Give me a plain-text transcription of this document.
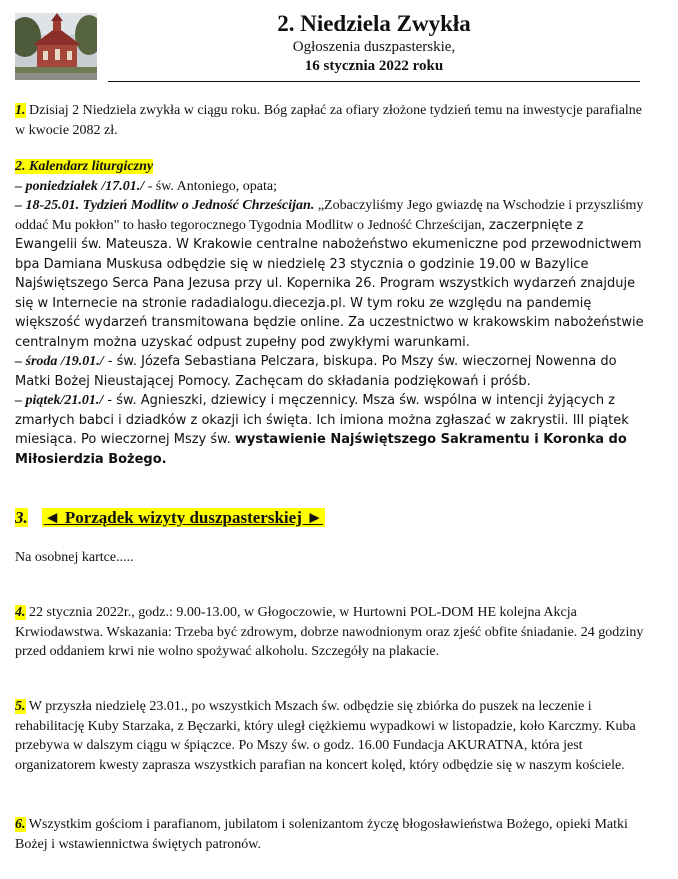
2. Niedziela Zwykła
Ogłoszenia duszpasterskie,
16 stycznia 2022 roku
1. Dzisiaj 2 Niedziela zwykła w ciągu roku. Bóg zapłać za ofiary złożone tydzień temu na inwestycje parafialne w kwocie 2082 zł.
2. Kalendarz liturgiczny
– poniedziałek /17.01./ - św. Antoniego, opata;
– 18-25.01. Tydzień Modlitw o Jedność Chrześcijan. „Zobaczyliśmy Jego gwiazdę na Wschodzie i przyszliśmy oddać Mu pokłon" to hasło tegorocznego Tygodnia Modlitw o Jedność Chrześcijan, zaczerpnięte z Ewangelii św. Mateusza. W Krakowie centralne nabożeństwo ekumeniczne pod przewodnictwem bpa Damiana Muskusa odbędzie się w niedzielę 23 stycznia o godzinie 19.00 w Bazylice Najświętszego Serca Pana Jezusa przy ul. Kopernika 26. Program wszystkich wydarzeń znajduje się w Internecie na stronie radadialogu.diecezja.pl. W tym roku ze względu na pandemię większość wydarzeń transmitowana będzie online. Za uczestnictwo w krakowskim nabożeństwie centralnym można uzyskać odpust zupełny pod zwykłymi warunkami.
– środa /19.01./ - św. Józefa Sebastiana Pelczara, biskupa. Po Mszy św. wieczornej Nowenna do Matki Bożej Nieustającej Pomocy. Zachęcam do składania podziękowań i próśb.
– piątek/21.01./ - św. Agnieszki, dziewicy i męczennicy. Msza św. wspólna w intencji żyjących z zmarłych babci i dziadków z okazji ich święta. Ich imiona można zgłaszać w zakrystii. III piątek miesiąca. Po wieczornej Mszy św. wystawienie Najświętszego Sakramentu i Koronka do Miłosierdzia Bożego.
3. ◄ Porządek wizyty duszpasterskiej ►
Na osobnej kartce.....
4. 22 stycznia 2022r., godz.: 9.00-13.00, w Głogoczowie, w Hurtowni POL-DOM HE kolejna Akcja Krwiodawstwa. Wskazania: Trzeba być zdrowym, dobrze nawodnionym oraz zjeść obfite śniadanie. 24 godziny przed oddaniem krwi nie wolno spożywać alkoholu. Szczegóły na plakacie.
5. W przyszła niedzielę 23.01., po wszystkich Mszach św. odbędzie się zbiórka do puszek na leczenie i rehabilitację Kuby Starzaka, z Bęczarki, który uległ ciężkiemu wypadkowi w listopadzie, koło Karczmy. Kuba przebywa w dalszym ciągu w śpiączce. Po Mszy św. o godz. 16.00 Fundacja AKURATNA, która jest organizatorem kwesty zaprasza wszystkich parafian na koncert kolęd, który odbędzie się w naszym kościele.
6. Wszystkim gościom i parafianom, jubilatom i solenizantom życzę błogosławieństwa Bożego, opieki Matki Bożej i wstawiennictwa świętych patronów.
